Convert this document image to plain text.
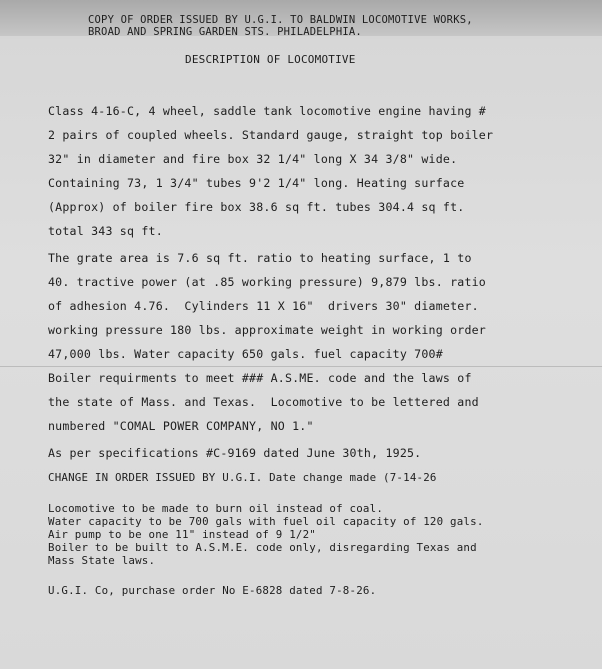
COPY OF ORDER ISSUED BY U.G.I. TO BALDWIN LOCOMOTIVE WORKS,
BROAD AND SPRING GARDEN STS. PHILADELPHIA.
DESCRIPTION OF LOCOMOTIVE
Class 4-16-C, 4 wheel, saddle tank locomotive engine having #
2 pairs of coupled wheels. Standard gauge, straight top boiler
32" in diameter and fire box 32 1/4" long X 34 3/8" wide.
Containing 73, 1 3/4" tubes 9'2 1/4" long. Heating surface
(Approx) of boiler fire box 38.6 sq ft. tubes 304.4 sq ft.
total 343 sq ft.
The grate area is 7.6 sq ft. ratio to heating surface, 1 to
40. tractive power (at .85 working pressure) 9,879 lbs. ratio
of adhesion 4.76.  Cylinders 11 X 16"  drivers 30" diameter.
working pressure 180 lbs. approximate weight in working order
47,000 lbs. Water capacity 650 gals. fuel capacity 700#
Boiler requirments to meet ### A.S.ME. code and the laws of
the state of Mass. and Texas.  Locomotive to be lettered and
numbered "COMAL POWER COMPANY, NO 1."
As per specifications #C-9169 dated June 30th, 1925.
CHANGE IN ORDER ISSUED BY U.G.I. Date change made (7-14-26
Locomotive to be made to burn oil instead of coal.
Water capacity to be 700 gals with fuel oil capacity of 120 gals.
Air pump to be one 11" instead of 9 1/2"
Boiler to be built to A.S.M.E. code only, disregarding Texas and
Mass State laws.
U.G.I. Co, purchase order No E-6828 dated 7-8-26.
